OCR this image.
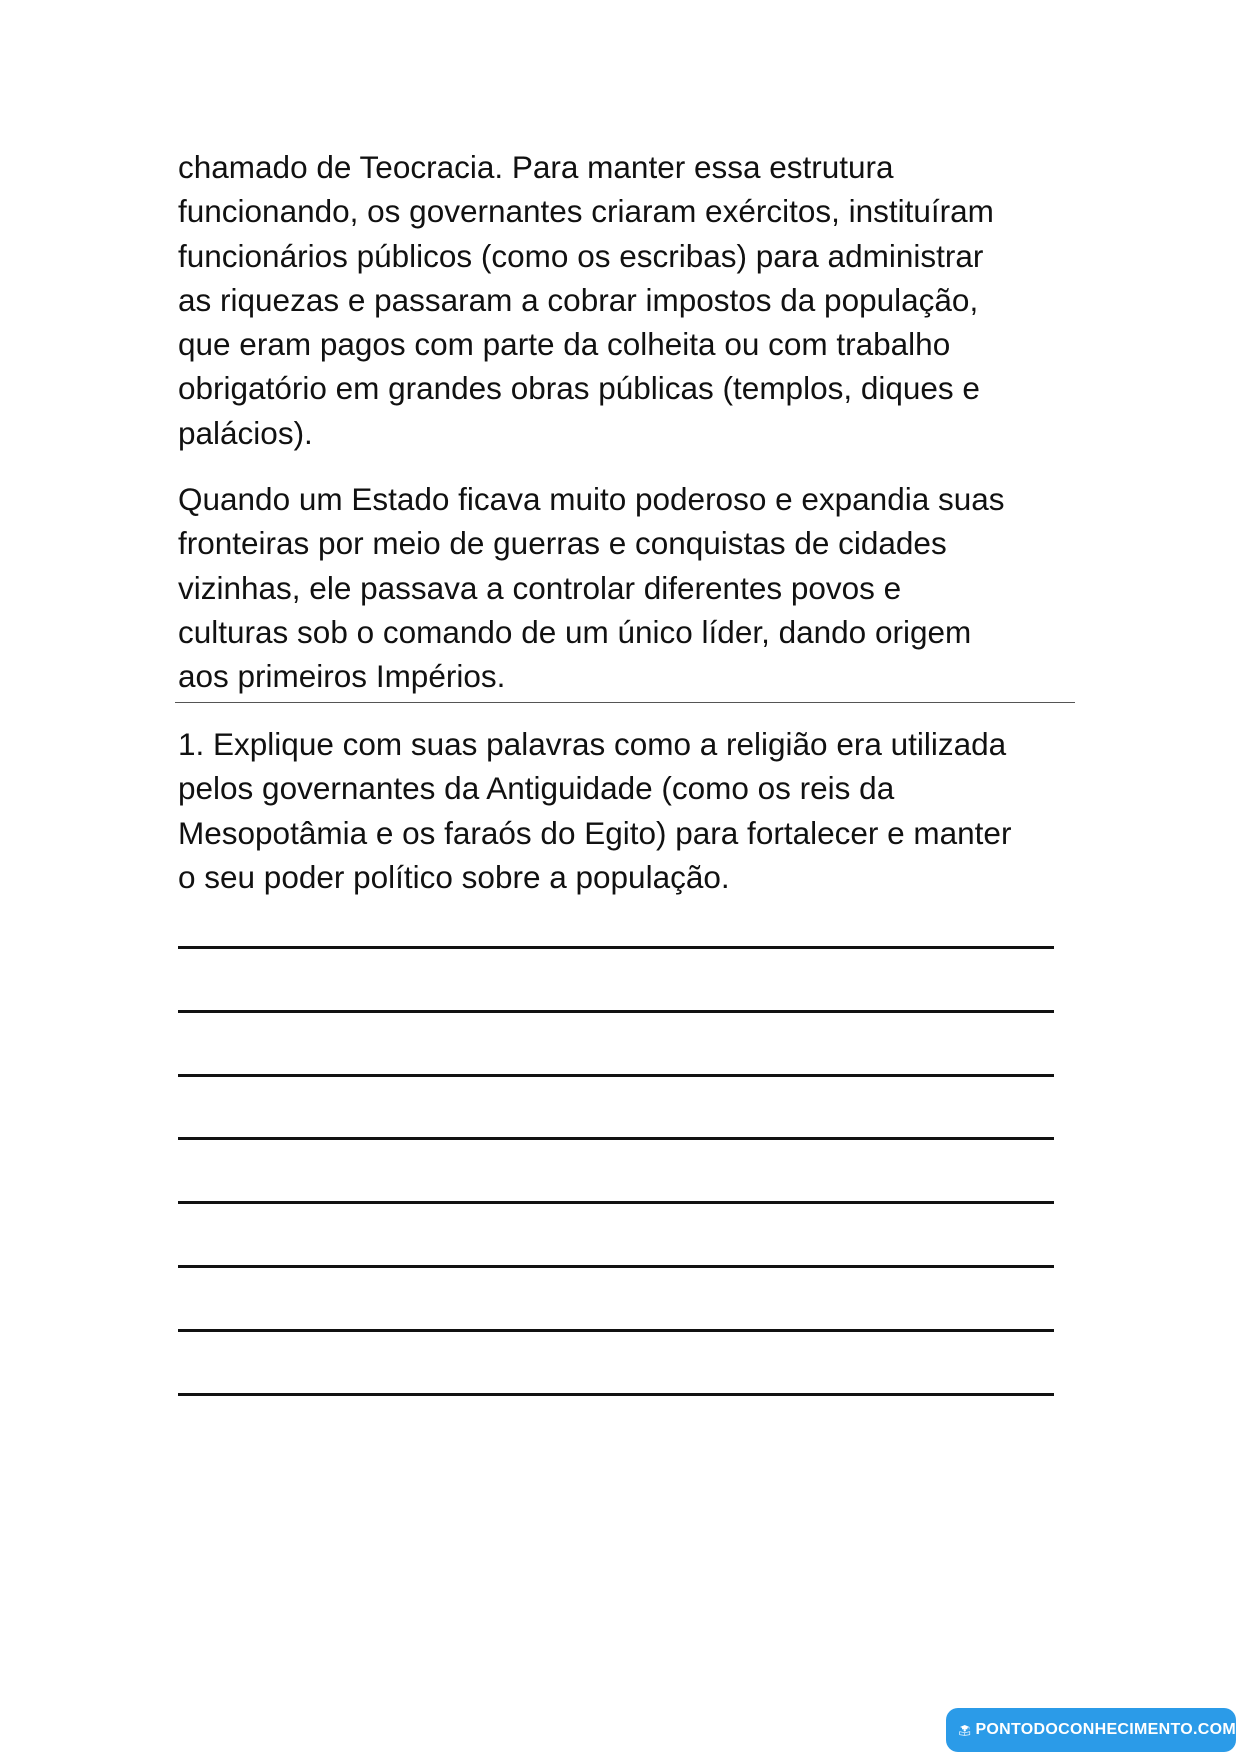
chamado de Teocracia. Para manter essa estrutura
funcionando, os governantes criaram exércitos, instituíram
funcionários públicos (como os escribas) para administrar
as riquezas e passaram a cobrar impostos da população,
que eram pagos com parte da colheita ou com trabalho
obrigatório em grandes obras públicas (templos, diques e
palácios).

Quando um Estado ficava muito poderoso e expandia suas
fronteiras por meio de guerras e conquistas de cidades
vizinhas, ele passava a controlar diferentes povos e
culturas sob o comando de um único líder, dando origem
aos primeiros Impérios.

1. Explique com suas palavras como a religião era utilizada
pelos governantes da Antiguidade (como os reis da
Mesopotâmia e os faraós do Egito) para fortalecer e manter
o seu poder político sobre a população.

PONTODOCONHECIMENTO.COM
